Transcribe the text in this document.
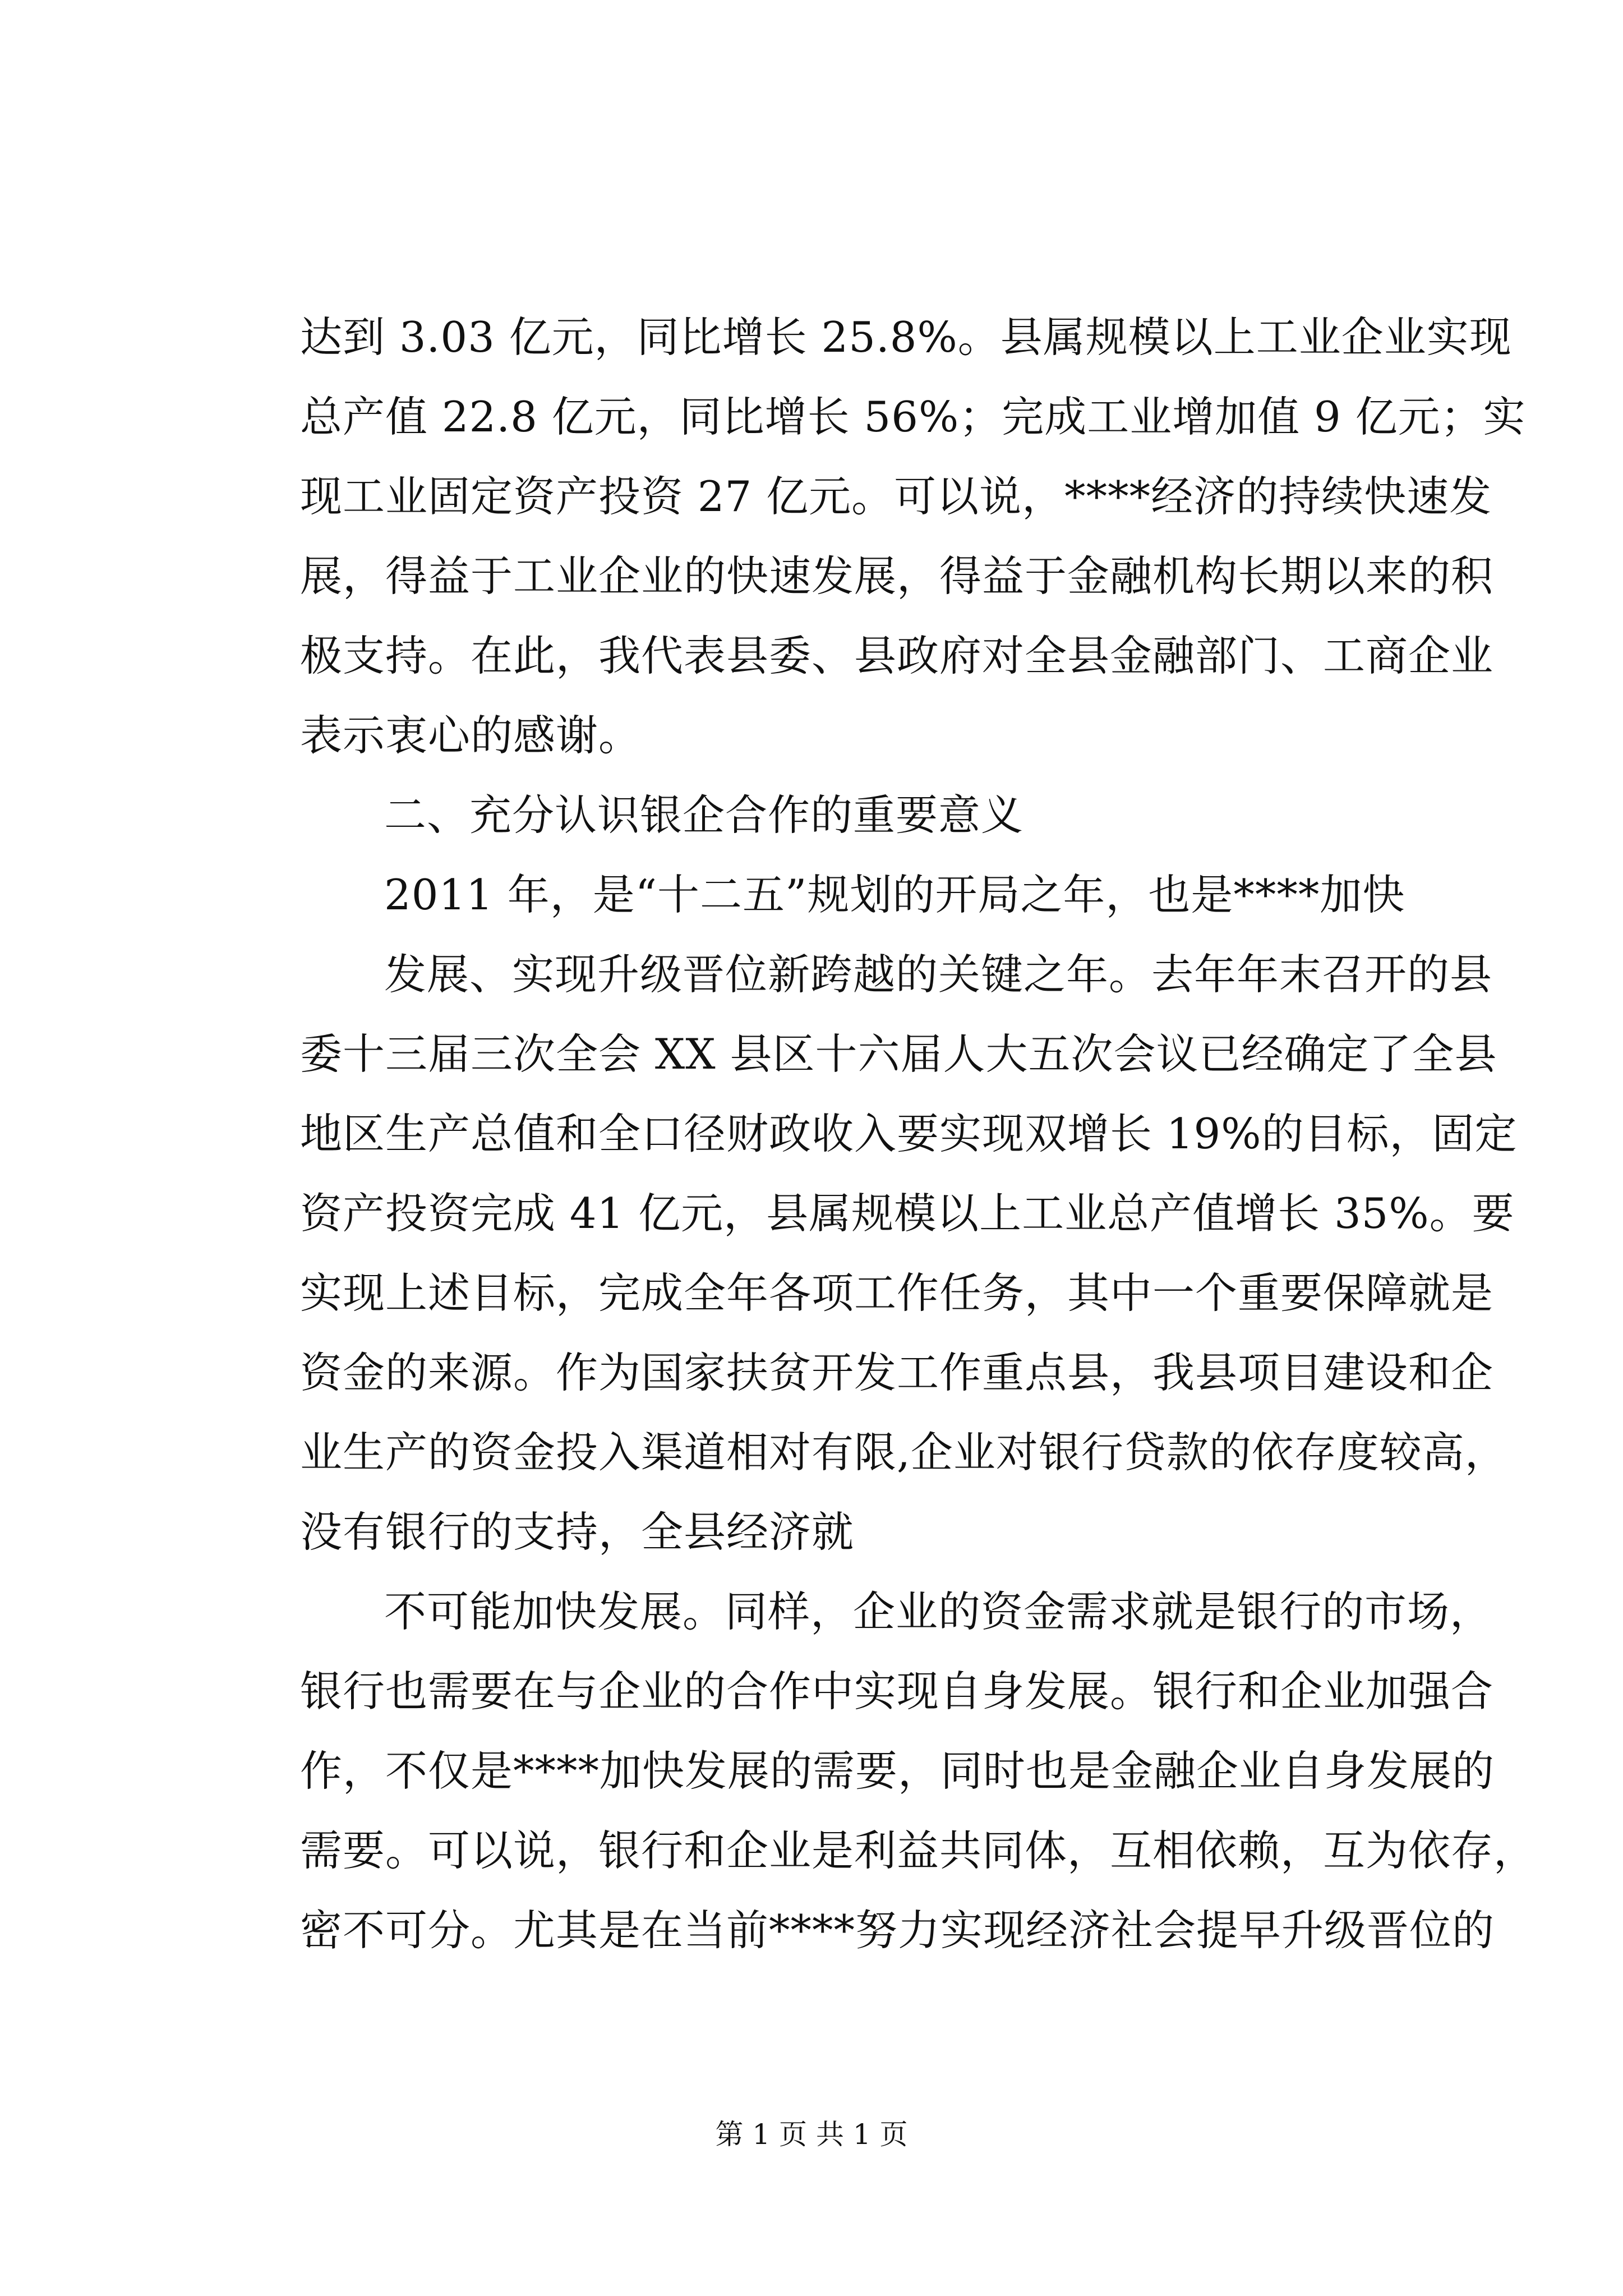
达到 3.03 亿元，同比增长 25.8%。县属规模以上工业企业实现
总产值 22.8 亿元，同比增长 56%；完成工业增加值 9 亿元；实
现工业固定资产投资 27 亿元。可以说，****经济的持续快速发
展，得益于工业企业的快速发展，得益于金融机构长期以来的积
极支持。在此，我代表县委、县政府对全县金融部门、工商企业
表示衷心的感谢。
二、充分认识银企合作的重要意义
2011 年，是“十二五”规划的开局之年，也是****加快
发展、实现升级晋位新跨越的关键之年。去年年末召开的县
委十三届三次全会 XX 县区十六届人大五次会议已经确定了全县
地区生产总值和全口径财政收入要实现双增长 19%的目标，固定
资产投资完成 41 亿元，县属规模以上工业总产值增长 35%。要
实现上述目标，完成全年各项工作任务，其中一个重要保障就是
资金的来源。作为国家扶贫开发工作重点县，我县项目建设和企
业生产的资金投入渠道相对有限,企业对银行贷款的依存度较高，
没有银行的支持，全县经济就
不可能加快发展。同样，企业的资金需求就是银行的市场，
银行也需要在与企业的合作中实现自身发展。银行和企业加强合
作，不仅是****加快发展的需要，同时也是金融企业自身发展的
需要。可以说，银行和企业是利益共同体，互相依赖，互为依存，
密不可分。尤其是在当前****努力实现经济社会提早升级晋位的
第 1 页 共 1 页
